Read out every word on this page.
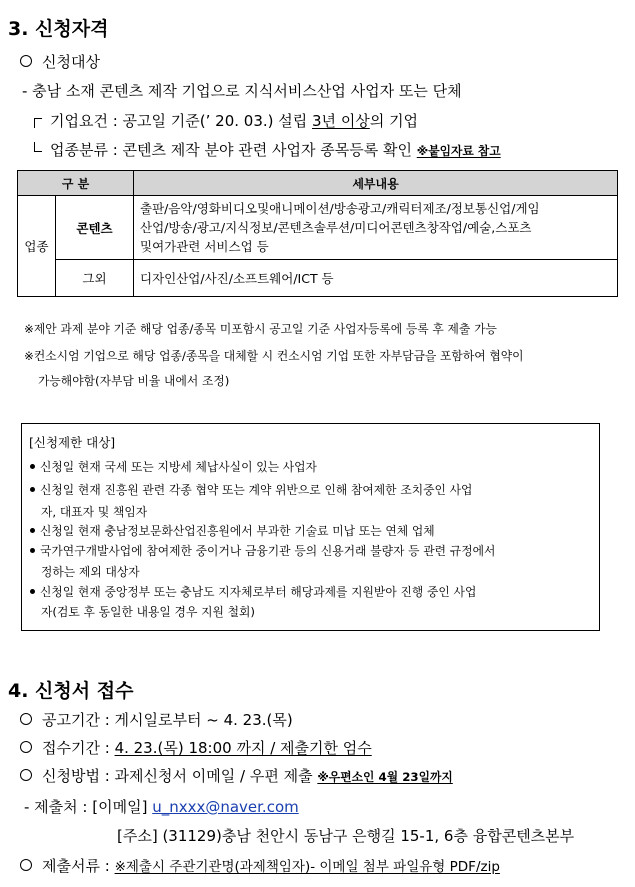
3. 신청자격
신청대상
- 충남 소재 콘텐츠 제작 기업으로 지식서비스산업 사업자 또는 단체
기업요건 : 공고일 기준(’ 20. 03.) 설립 3년 이상의 기업
업종분류 : 콘텐츠 제작 분야 관련 사업자 종목등록 확인 ※붙임자료 참고
구 분		세부내용
업종	콘텐츠	출판/음악/영화비디오및애니메이션/방송광고/캐릭터제조/정보통신업/게임
산업/방송/광고/지식정보/콘텐츠솔루션/미디어콘텐츠창작업/예술,스포츠
및여가관련 서비스업 등

	그외	디자인산업/사진/소프트웨어/ICT 등
※제안 과제 분야 기준 해당 업종/종목 미포함시 공고일 기준 사업자등록에 등록 후 제출 가능
※컨소시엄 기업으로 해당 업종/종목을 대체할 시 컨소시엄 기업 또한 자부담금을 포함하여 협약이
가능해야함(자부담 비율 내에서 조정)
[신청제한 대상]
신청일 현재 국세 또는 지방세 체납사실이 있는 사업자
신청일 현재 진흥원 관련 각종 협약 또는 계약 위반으로 인해 참여제한 조치중인 사업
자, 대표자 및 책임자
신청일 현재 충남정보문화산업진흥원에서 부과한 기술료 미납 또는 연체 업체
국가연구개발사업에 참여제한 중이거나 금융기관 등의 신용거래 불량자 등 관련 규정에서
정하는 제외 대상자
신청일 현재 중앙정부 또는 충남도 지자체로부터 해당과제를 지원받아 진행 중인 사업
자(검토 후 동일한 내용일 경우 지원 철회)
4. 신청서 접수
공고기간 : 게시일로부터 ~ 4. 23.(목)
접수기간 : 4. 23.(목) 18:00 까지 / 제출기한 엄수
신청방법 : 과제신청서 이메일 / 우편 제출 ※우편소인 4월 23일까지
- 제출처 : [이메일] u_nxxx@naver.com
[주소] (31129)충남 천안시 동남구 은행길 15-1, 6층 융합콘텐츠본부
제출서류 : ※제출시 주관기관명(과제책임자)- 이메일 첨부 파일유형 PDF/zip
